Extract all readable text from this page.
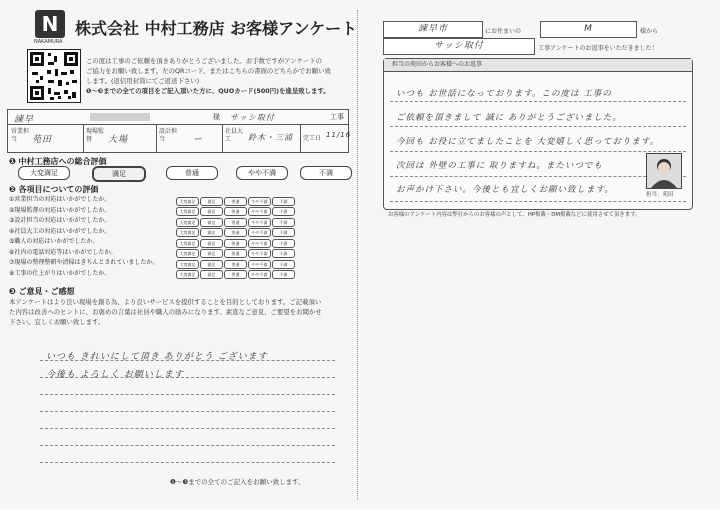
N
NAKAMURA
株式会社 中村工務店 お客様アンケート
この度は工事のご依頼を頂きありがとうございました。お手数ですがアンケートの
ご協力をお願い致します。左のQRコード、またはこちらの書面のどちらかでお願い致
します。(返信用封筒にてご返送下さい)
❶〜❸までの全ての項目をご記入頂いた方に、QUOカード(500円)を進呈致します。
諫早	様 サッシ取付	工事
営業担当	苑田
現場監督	大場
設計担当	ー
社員大工	鈴木・三浦 完工日 11/16
❶ 中村工務店への総合評価
大変満足	満足	普通	やや不満	不満
❷ 各項目についての評価
①営業担当の対応はいかがでしたか。	大変満足	満足	普通	やや不満	不満
②現場監督の対応はいかがでしたか。	大変満足	満足	普通	やや不満	不満
③設計担当の対応はいかがでしたか。	大変満足	満足	普通	やや不満	不満
④社員大工の対応はいかがでしたか。	大変満足	満足	普通	やや不満	不満
⑤職人の対応はいかがでしたか。	大変満足	満足	普通	やや不満	不満
⑥社内の電話対応等はいかがでしたか。	大変満足	満足	普通	やや不満	不満
⑦現場の整理整頓や清掃はきちんとされていましたか。	大変満足	満足	普通	やや不満	不満
⑧工事の仕上がりはいかがでしたか。	大変満足	満足	普通	やや不満	不満
❸ ご意見・ご感想
本アンケートはより良い現場を創る為、より良いサービスを提供することを目的としております。ご記載頂い
た内容は改善へのヒントに、お褒めの言葉は社員や職人の励みになります。素直なご意見、ご要望をお聞かせ
下さい。宜しくお願い致します。
いつも きれいにして頂き ありがとう ございます
今後も よろしく お願いします
❶〜❸までの全てのご記入をお願い致します。
諫早市	にお住まいの	M	様から
サッシ取付	工事アンケートのお返事をいただきました！
担当の苑田からお客様へのお返事
いつも お世話になっております。この度は 工事の
ご依頼を頂きまして 誠に ありがとうございました。
今回も お役に立てましたことを 大変嬉しく思っております。
次回は 外壁の工事に 取りますね。またいつでも
お声かけ下さい。今後とも宜しくお願い致します。	担当：苑田
お客様のアンケート内容は弊社からのお客様の声として、HP掲載・DM掲載などに使用させて頂きます。
